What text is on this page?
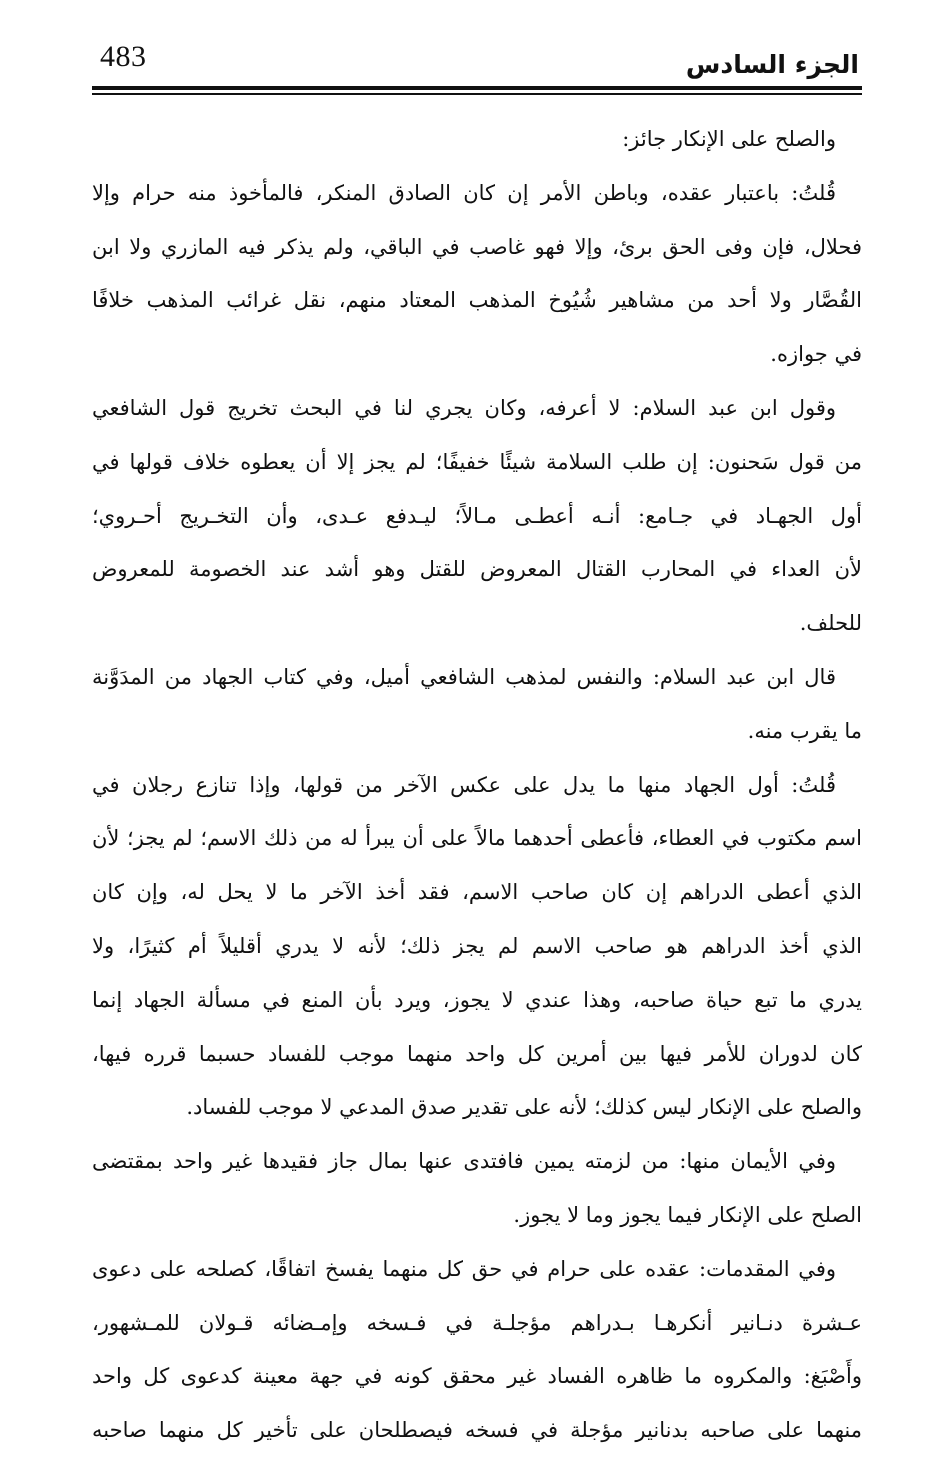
483	الجزء السادس
والصلح على الإنكار جائز:
قُلتُ: باعتبار عقده، وباطن الأمر إن كان الصادق المنكر، فالمأخوذ منه حرام وإلا
فحلال، فإن وفى الحق برئ، وإلا فهو غاصب في الباقي، ولم يذكر فيه المازري ولا ابن
القُصَّار ولا أحد من مشاهير شُيُوخ المذهب المعتاد منهم، نقل غرائب المذهب خلافًا
في جوازه.
وقول ابن عبد السلام: لا أعرفه، وكان يجري لنا في البحث تخريج قول الشافعي
من قول سَحنون: إن طلب السلامة شيئًا خفيفًا؛ لم يجز إلا أن يعطوه خلاف قولها في
أول الجهـاد في جـامع: أنـه أعطـى مـالاً؛ ليـدفع عـدى، وأن التخـريج أحـروي؛
لأن العداء في المحارب القتال المعروض للقتل وهو أشد عند الخصومة للمعروض
للحلف.
قال ابن عبد السلام: والنفس لمذهب الشافعي أميل، وفي كتاب الجهاد من المدَوَّنة
ما يقرب منه.
قُلتُ: أول الجهاد منها ما يدل على عكس الآخر من قولها، وإذا تنازع رجلان في
اسم مكتوب في العطاء، فأعطى أحدهما مالاً على أن يبرأ له من ذلك الاسم؛ لم يجز؛ لأن
الذي أعطى الدراهم إن كان صاحب الاسم، فقد أخذ الآخر ما لا يحل له، وإن كان
الذي أخذ الدراهم هو صاحب الاسم لم يجز ذلك؛ لأنه لا يدري أقليلاً أم كثيرًا، ولا
يدري ما تبع حياة صاحبه، وهذا عندي لا يجوز، ويرد بأن المنع في مسألة الجهاد إنما
كان لدوران للأمر فيها بين أمرين كل واحد منهما موجب للفساد حسبما قرره فيها،
والصلح على الإنكار ليس كذلك؛ لأنه على تقدير صدق المدعي لا موجب للفساد.
وفي الأيمان منها: من لزمته يمين فافتدى عنها بمال جاز فقيدها غير واحد بمقتضى
الصلح على الإنكار فيما يجوز وما لا يجوز.
وفي المقدمات: عقده على حرام في حق كل منهما يفسخ اتفاقًا، كصلحه على دعوى
عـشرة دنـانير أنكرهـا بـدراهم مؤجلـة في فـسخه وإمـضائه قـولان للمـشهور،
وأَصْبَغ: والمكروه ما ظاهره الفساد غير محقق كونه في جهة معينة كدعوى كل واحد
منهما على صاحبه بدنانير مؤجلة في فسخه فيصطلحان على تأخير كل منهما صاحبه
